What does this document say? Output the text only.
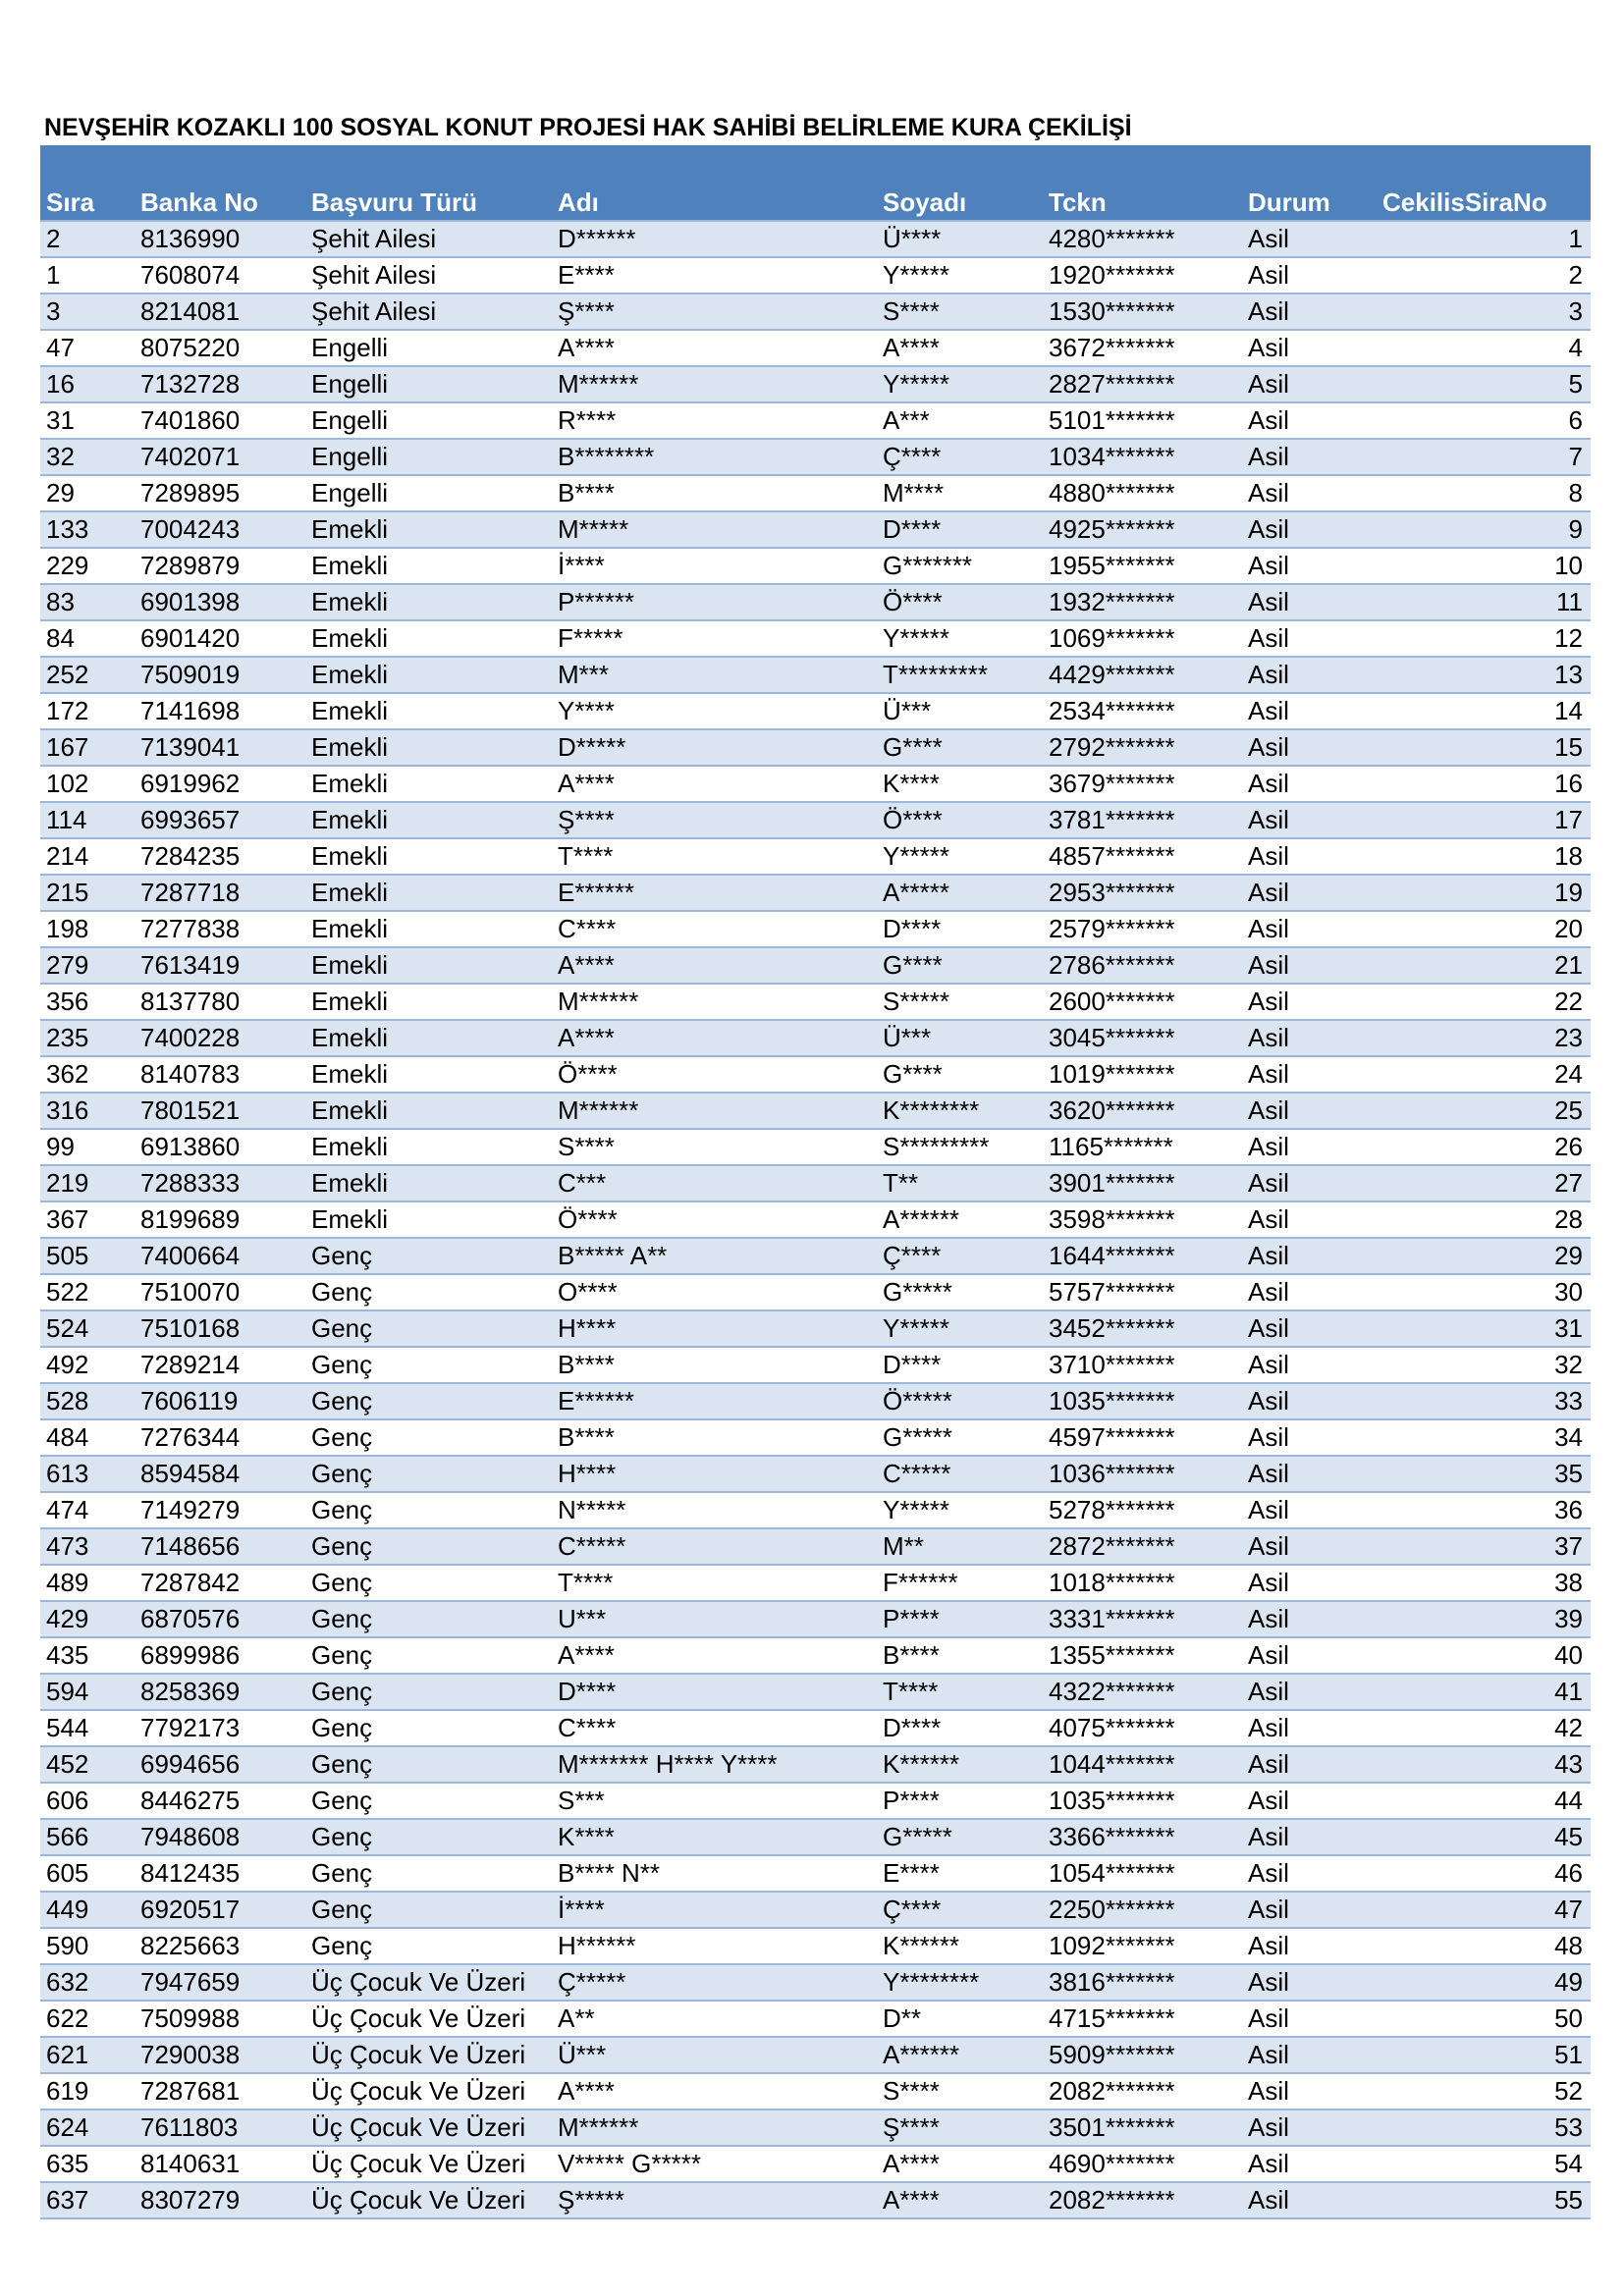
NEVŞEHİR KOZAKLI 100 SOSYAL KONUT PROJESİ HAK SAHİBİ BELİRLEME KURA ÇEKİLİŞİ
Sıra	Banka No	Başvuru Türü	Adı	Soyadı	Tckn	Durum	CekilisSiraNo
2	8136990	Şehit Ailesi	D******	Ü****	4280*******	Asil	1
1	7608074	Şehit Ailesi	E****	Y*****	1920*******	Asil	2
3	8214081	Şehit Ailesi	Ş****	S****	1530*******	Asil	3
47	8075220	Engelli	A****	A****	3672*******	Asil	4
16	7132728	Engelli	M******	Y*****	2827*******	Asil	5
31	7401860	Engelli	R****	A***	5101*******	Asil	6
32	7402071	Engelli	B********	Ç****	1034*******	Asil	7
29	7289895	Engelli	B****	M****	4880*******	Asil	8
133	7004243	Emekli	M*****	D****	4925*******	Asil	9
229	7289879	Emekli	İ****	G*******	1955*******	Asil	10
83	6901398	Emekli	P******	Ö****	1932*******	Asil	11
84	6901420	Emekli	F*****	Y*****	1069*******	Asil	12
252	7509019	Emekli	M***	T*********	4429*******	Asil	13
172	7141698	Emekli	Y****	Ü***	2534*******	Asil	14
167	7139041	Emekli	D*****	G****	2792*******	Asil	15
102	6919962	Emekli	A****	K****	3679*******	Asil	16
114	6993657	Emekli	Ş****	Ö****	3781*******	Asil	17
214	7284235	Emekli	T****	Y*****	4857*******	Asil	18
215	7287718	Emekli	E******	A*****	2953*******	Asil	19
198	7277838	Emekli	C****	D****	2579*******	Asil	20
279	7613419	Emekli	A****	G****	2786*******	Asil	21
356	8137780	Emekli	M******	S*****	2600*******	Asil	22
235	7400228	Emekli	A****	Ü***	3045*******	Asil	23
362	8140783	Emekli	Ö****	G****	1019*******	Asil	24
316	7801521	Emekli	M******	K********	3620*******	Asil	25
99	6913860	Emekli	S****	S*********	1165*******	Asil	26
219	7288333	Emekli	C***	T**	3901*******	Asil	27
367	8199689	Emekli	Ö****	A******	3598*******	Asil	28
505	7400664	Genç	B***** A**	Ç****	1644*******	Asil	29
522	7510070	Genç	O****	G*****	5757*******	Asil	30
524	7510168	Genç	H****	Y*****	3452*******	Asil	31
492	7289214	Genç	B****	D****	3710*******	Asil	32
528	7606119	Genç	E******	Ö*****	1035*******	Asil	33
484	7276344	Genç	B****	G*****	4597*******	Asil	34
613	8594584	Genç	H****	C*****	1036*******	Asil	35
474	7149279	Genç	N*****	Y*****	5278*******	Asil	36
473	7148656	Genç	C*****	M**	2872*******	Asil	37
489	7287842	Genç	T****	F******	1018*******	Asil	38
429	6870576	Genç	U***	P****	3331*******	Asil	39
435	6899986	Genç	A****	B****	1355*******	Asil	40
594	8258369	Genç	D****	T****	4322*******	Asil	41
544	7792173	Genç	C****	D****	4075*******	Asil	42
452	6994656	Genç	M******* H**** Y****	K******	1044*******	Asil	43
606	8446275	Genç	S***	P****	1035*******	Asil	44
566	7948608	Genç	K****	G*****	3366*******	Asil	45
605	8412435	Genç	B**** N**	E****	1054*******	Asil	46
449	6920517	Genç	İ****	Ç****	2250*******	Asil	47
590	8225663	Genç	H******	K******	1092*******	Asil	48
632	7947659	Üç Çocuk Ve Üzeri	Ç*****	Y********	3816*******	Asil	49
622	7509988	Üç Çocuk Ve Üzeri	A**	D**	4715*******	Asil	50
621	7290038	Üç Çocuk Ve Üzeri	Ü***	A******	5909*******	Asil	51
619	7287681	Üç Çocuk Ve Üzeri	A****	S****	2082*******	Asil	52
624	7611803	Üç Çocuk Ve Üzeri	M******	Ş****	3501*******	Asil	53
635	8140631	Üç Çocuk Ve Üzeri	V***** G*****	A****	4690*******	Asil	54
637	8307279	Üç Çocuk Ve Üzeri	Ş*****	A****	2082*******	Asil	55
